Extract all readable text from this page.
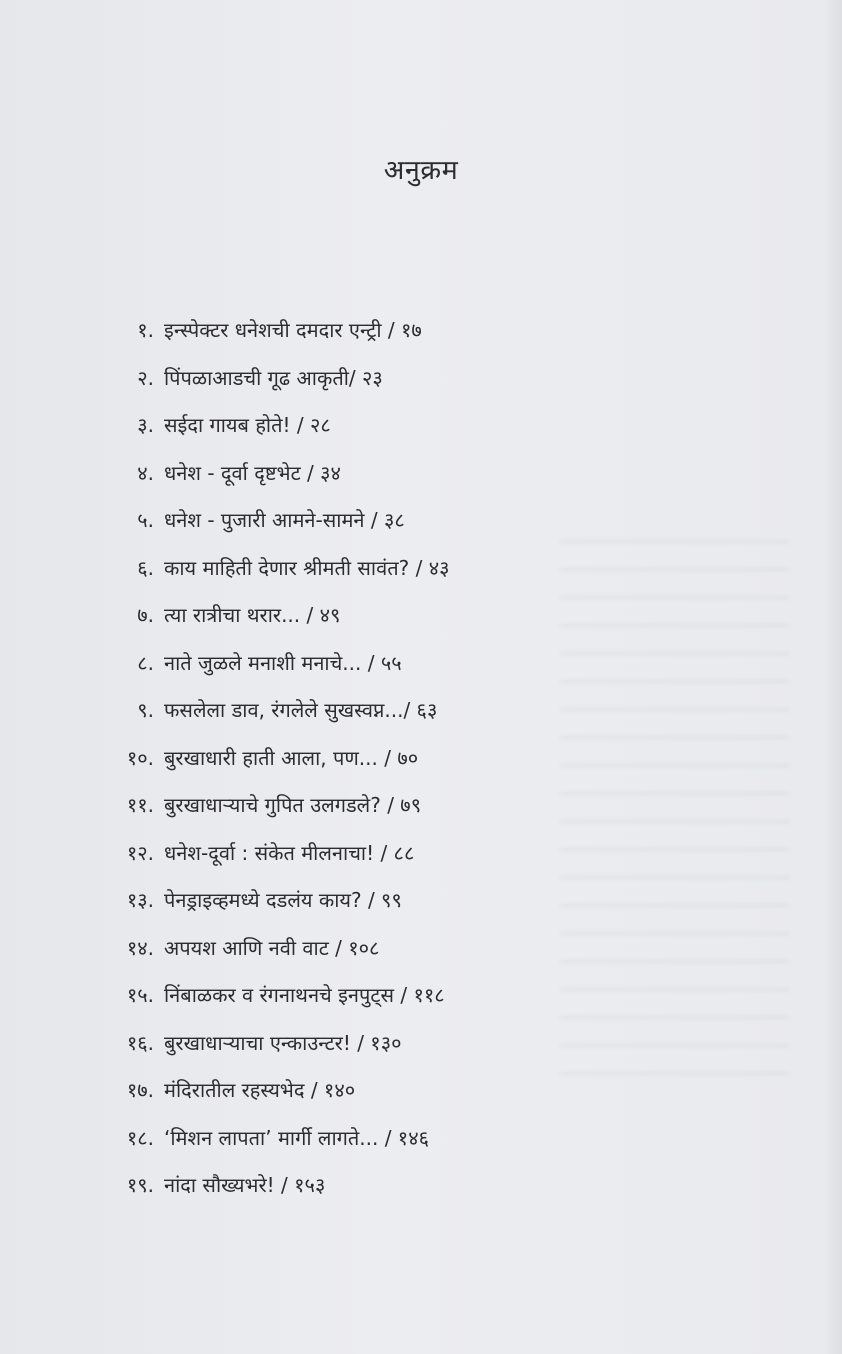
अनुक्रम
१. इन्स्पेक्टर धनेशची दमदार एन्ट्री / १७
२. पिंपळाआडची गूढ आकृती/ २३
३. सईदा गायब होते! / २८
४. धनेश - दूर्वा दृष्टभेट / ३४
५. धनेश - पुजारी आमने-सामने / ३८
६. काय माहिती देणार श्रीमती सावंत? / ४३
७. त्या रात्रीचा थरार... / ४९
८. नाते जुळले मनाशी मनाचे... / ५५
९. फसलेला डाव, रंगलेले सुखस्वप्न.../ ६३
१०. बुरखाधारी हाती आला, पण... / ७०
११. बुरखाधाऱ्याचे गुपित उलगडले? / ७९
१२. धनेश-दूर्वा : संकेत मीलनाचा! / ८८
१३. पेनड्राइव्हमध्ये दडलंय काय? / ९९
१४. अपयश आणि नवी वाट / १०८
१५. निंबाळकर व रंगनाथनचे इनपुट्स / ११८
१६. बुरखाधाऱ्याचा एन्काउन्टर! / १३०
१७. मंदिरातील रहस्यभेद / १४०
१८. ‘मिशन लापता’ मार्गी लागते... / १४६
१९. नांदा सौख्यभरे! / १५३
